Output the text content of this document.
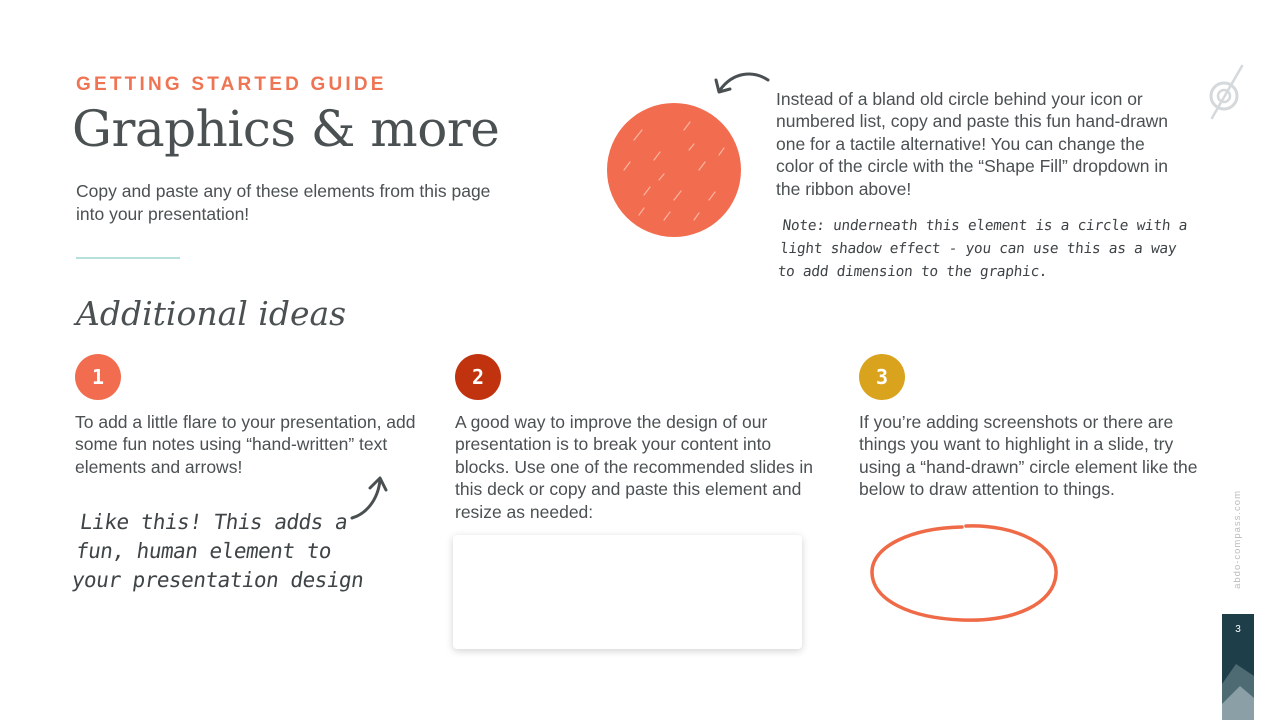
GETTING STARTED GUIDE
Graphics & more
Copy and paste any of these elements from this page into your presentation!
Additional ideas
Instead of a bland old circle behind your icon or numbered list, copy and paste this fun hand-drawn one for a tactile alternative! You can change the color of the circle with the “Shape Fill” dropdown in the ribbon above!
Note: underneath this element is a circle with a light shadow effect - you can use this as a way to add dimension to the graphic.
1	2	3
To add a little flare to your presentation, add some fun notes using “hand-written” text elements and arrows!
A good way to improve the design of our presentation is to break your content into blocks. Use one of the recommended slides in this deck or copy and paste this element and resize as needed:
If you’re adding screenshots or there are things you want to highlight in a slide, try using a “hand-drawn” circle element like the below to draw attention to things.
Like this! This adds a fun, human element to your presentation design	abdo-compass.com
3
